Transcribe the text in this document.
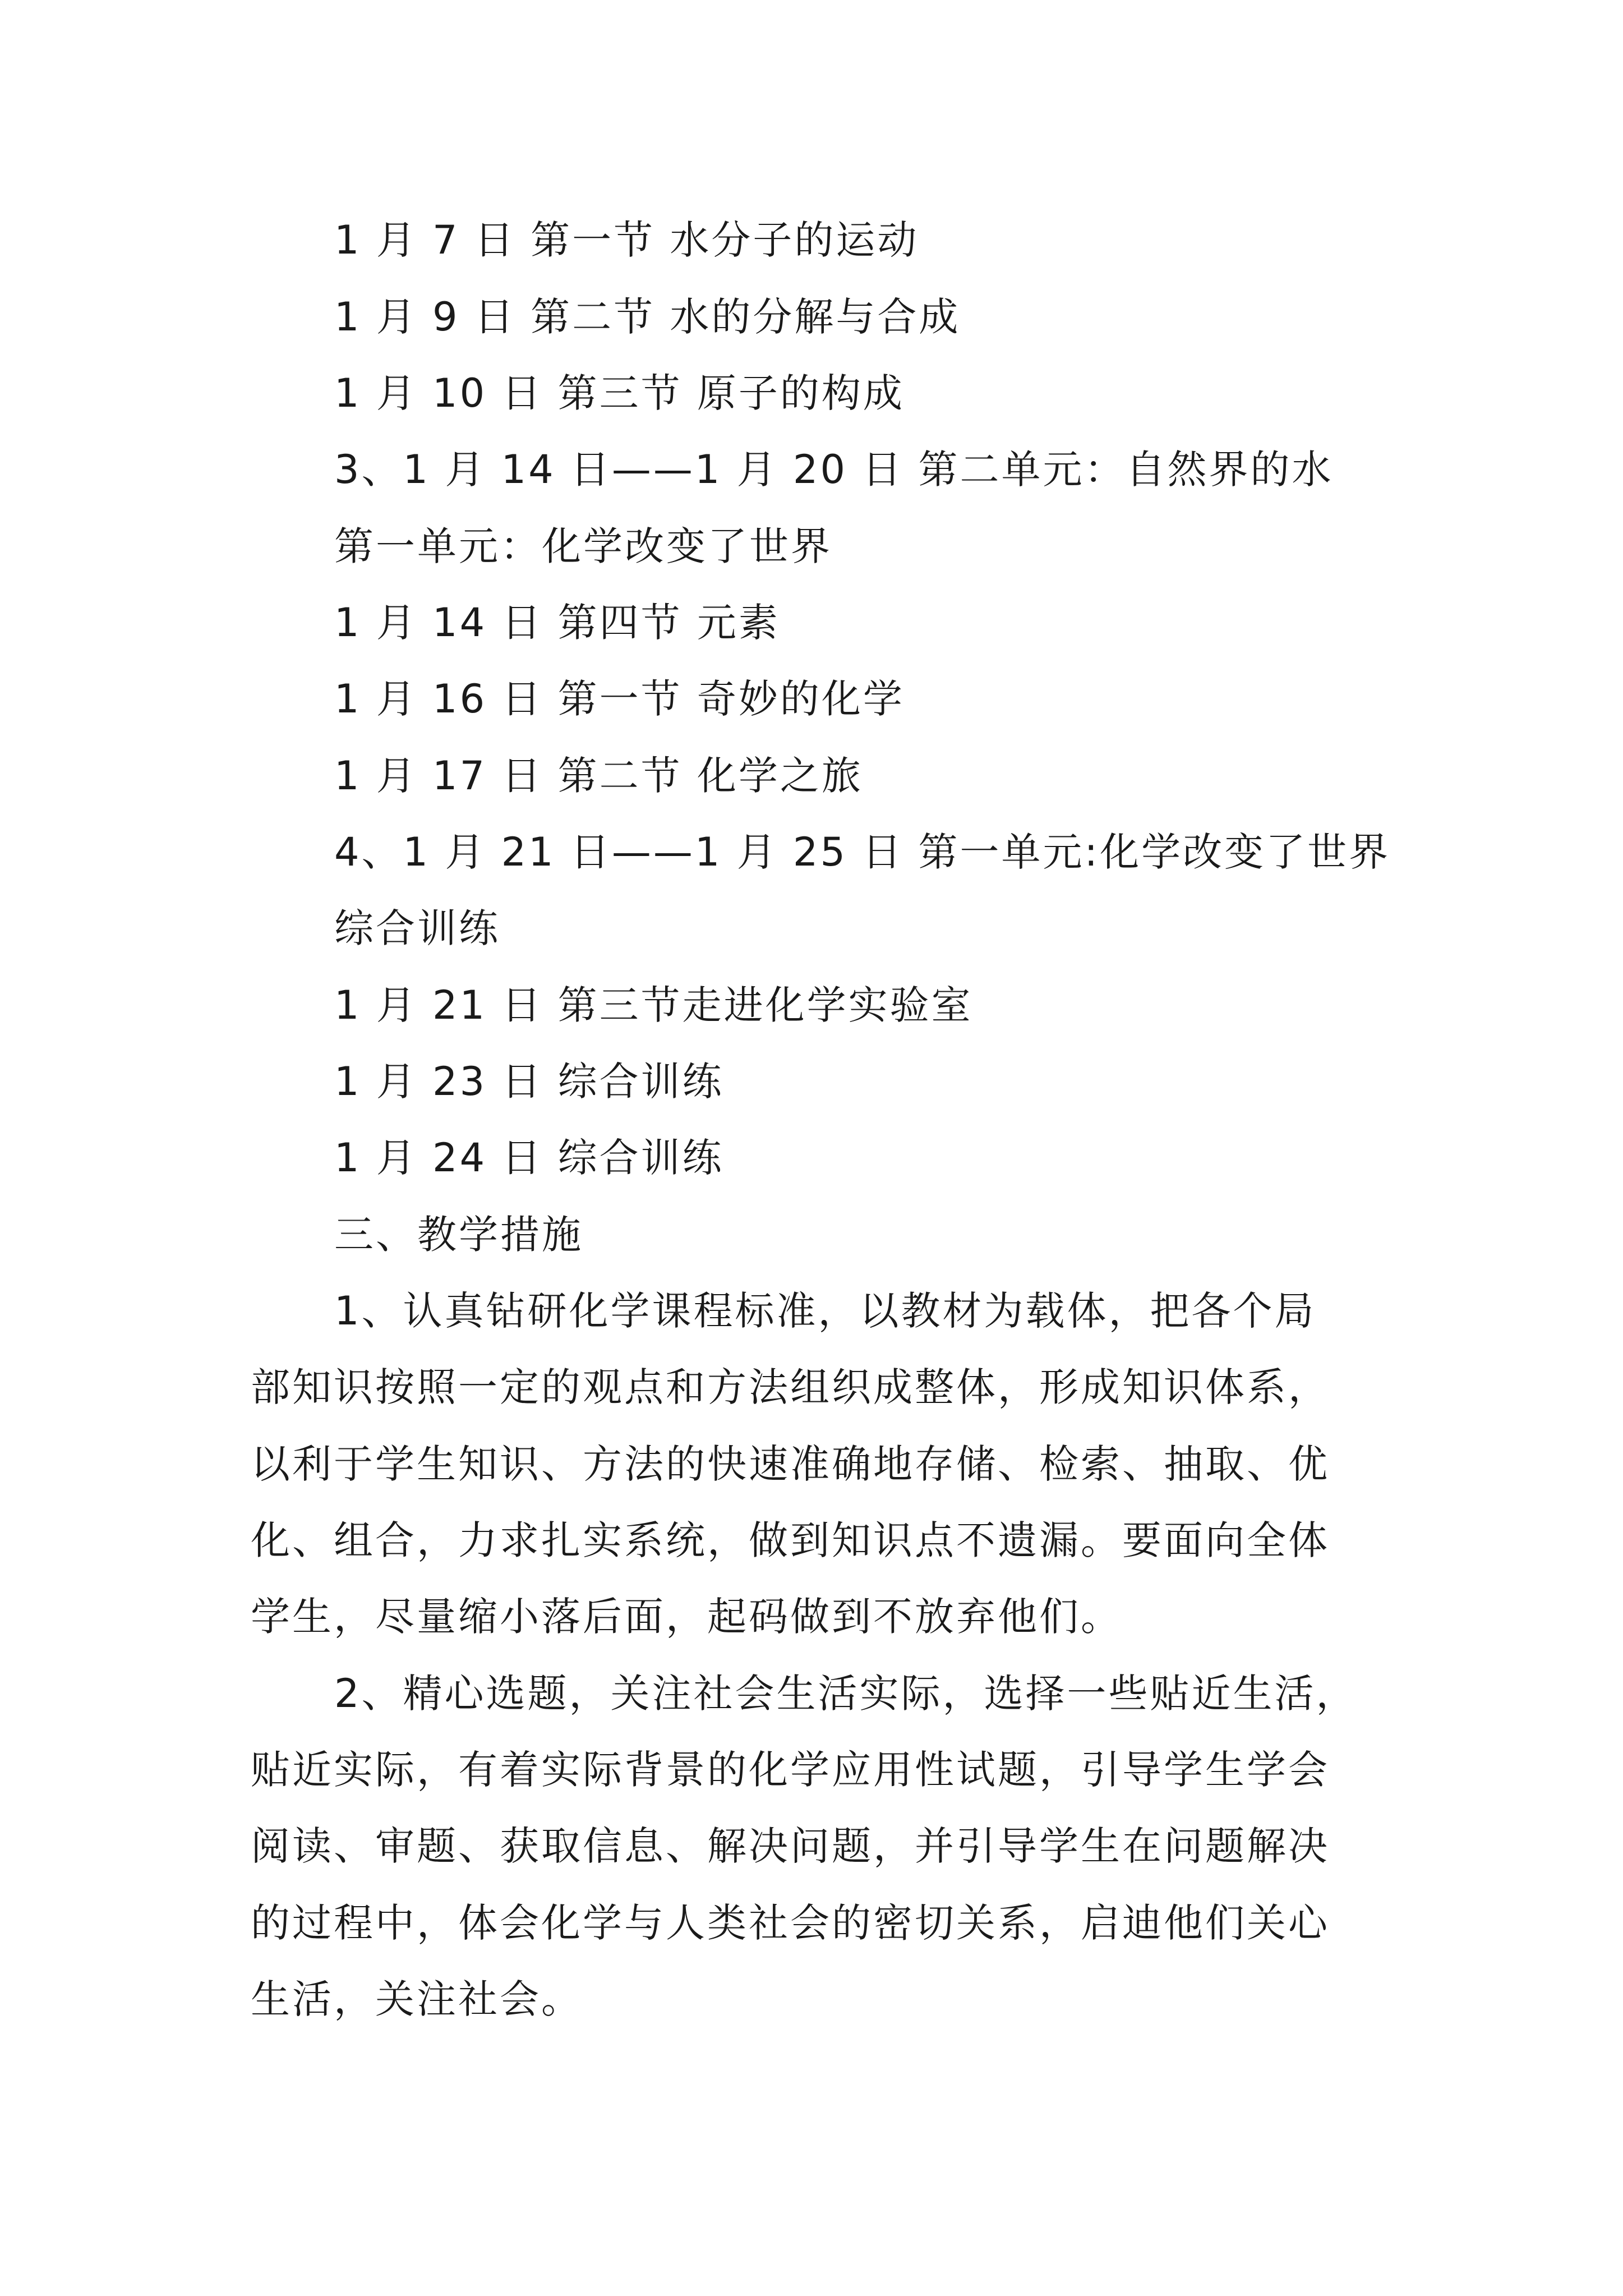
1 月 7 日 第一节 水分子的运动

1 月 9 日 第二节 水的分解与合成

1 月 10 日 第三节 原子的构成

3、1 月 14 日——1 月 20 日 第二单元：自然界的水

第一单元：化学改变了世界

1 月 14 日 第四节 元素

1 月 16 日 第一节 奇妙的化学

1 月 17 日 第二节 化学之旅

4、1 月 21 日——1 月 25 日 第一单元:化学改变了世界

综合训练

1 月 21 日 第三节走进化学实验室

1 月 23 日 综合训练

1 月 24 日 综合训练

三、教学措施

1、认真钻研化学课程标准，以教材为载体，把各个局

部知识按照一定的观点和方法组织成整体，形成知识体系，

以利于学生知识、方法的快速准确地存储、检索、抽取、优

化、组合，力求扎实系统，做到知识点不遗漏。要面向全体

学生，尽量缩小落后面，起码做到不放弃他们。

2、精心选题，关注社会生活实际，选择一些贴近生活，

贴近实际，有着实际背景的化学应用性试题，引导学生学会

阅读、审题、获取信息、解决问题，并引导学生在问题解决

的过程中，体会化学与人类社会的密切关系，启迪他们关心

生活，关注社会。
